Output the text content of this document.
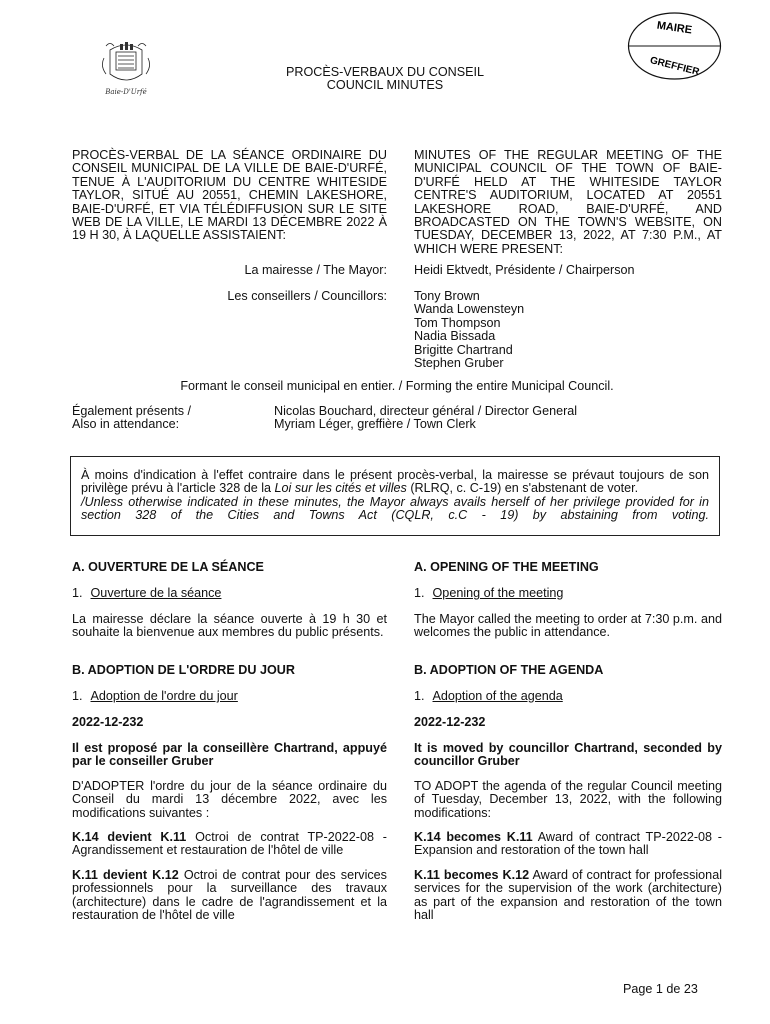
Baie-D'Urfé
MAIRE
GREFFIER
PROCÈS-VERBAUX DU CONSEIL
COUNCIL MINUTES
PROCÈS-VERBAL DE LA SÉANCE ORDINAIRE DU CONSEIL MUNICIPAL DE LA VILLE DE BAIE-D'URFÉ, TENUE À L'AUDITORIUM DU CENTRE WHITESIDE TAYLOR, SITUÉ AU 20551, CHEMIN LAKESHORE, BAIE-D'URFÉ, ET VIA TÉLÉDIFFUSION SUR LE SITE WEB DE LA VILLE, LE MARDI 13 DÉCEMBRE 2022 À 19 H 30, À LAQUELLE ASSISTAIENT:
MINUTES OF THE REGULAR MEETING OF THE MUNICIPAL COUNCIL OF THE TOWN OF BAIE-D'URFÉ HELD AT THE WHITESIDE TAYLOR CENTRE'S AUDITORIUM, LOCATED AT 20551 LAKESHORE ROAD, BAIE-D'URFÉ, AND BROADCASTED ON THE TOWN'S WEBSITE, ON TUESDAY, DECEMBER 13, 2022, AT 7:30 P.M., AT WHICH WERE PRESENT:
La mairesse / The Mayor: Heidi Ektvedt, Présidente / Chairperson
Les conseillers / Councillors: Tony Brown
Wanda Lowensteyn
Tom Thompson
Nadia Bissada
Brigitte Chartrand
Stephen Gruber
Formant le conseil municipal en entier. / Forming the entire Municipal Council.
Également présents /
Also in attendance:
Nicolas Bouchard, directeur général / Director General
Myriam Léger, greffière / Town Clerk
À moins d'indication à l'effet contraire dans le présent procès-verbal, la mairesse se prévaut toujours de son privilège prévu à l'article 328 de la Loi sur les cités et villes (RLRQ, c. C-19) en s'abstenant de voter.
/Unless otherwise indicated in these minutes, the Mayor always avails herself of her privilege provided for in section 328 of the Cities and Towns Act (CQLR, c.C - 19) by abstaining from voting.
A. OUVERTURE DE LA SÉANCE	A. OPENING OF THE MEETING
1. Ouverture de la séance	1. Opening of the meeting
La mairesse déclare la séance ouverte à 19 h 30 et souhaite la bienvenue aux membres du public présents.
The Mayor called the meeting to order at 7:30 p.m. and welcomes the public in attendance.
B. ADOPTION DE L'ORDRE DU JOUR	B. ADOPTION OF THE AGENDA
1. Adoption de l'ordre du jour	1. Adoption of the agenda
2022-12-232	2022-12-232
Il est proposé par la conseillère Chartrand, appuyé par le conseiller Gruber
It is moved by councillor Chartrand, seconded by councillor Gruber
D'ADOPTER l'ordre du jour de la séance ordinaire du Conseil du mardi 13 décembre 2022, avec les modifications suivantes :
TO ADOPT the agenda of the regular Council meeting of Tuesday, December 13, 2022, with the following modifications:
K.14 devient K.11 Octroi de contrat TP-2022-08 - Agrandissement et restauration de l'hôtel de ville
K.14 becomes K.11 Award of contract TP-2022-08 - Expansion and restoration of the town hall
K.11 devient K.12 Octroi de contrat pour des services professionnels pour la surveillance des travaux (architecture) dans le cadre de l'agrandissement et la restauration de l'hôtel de ville
K.11 becomes K.12 Award of contract for professional services for the supervision of the work (architecture) as part of the expansion and restoration of the town hall
Page 1 de 23
